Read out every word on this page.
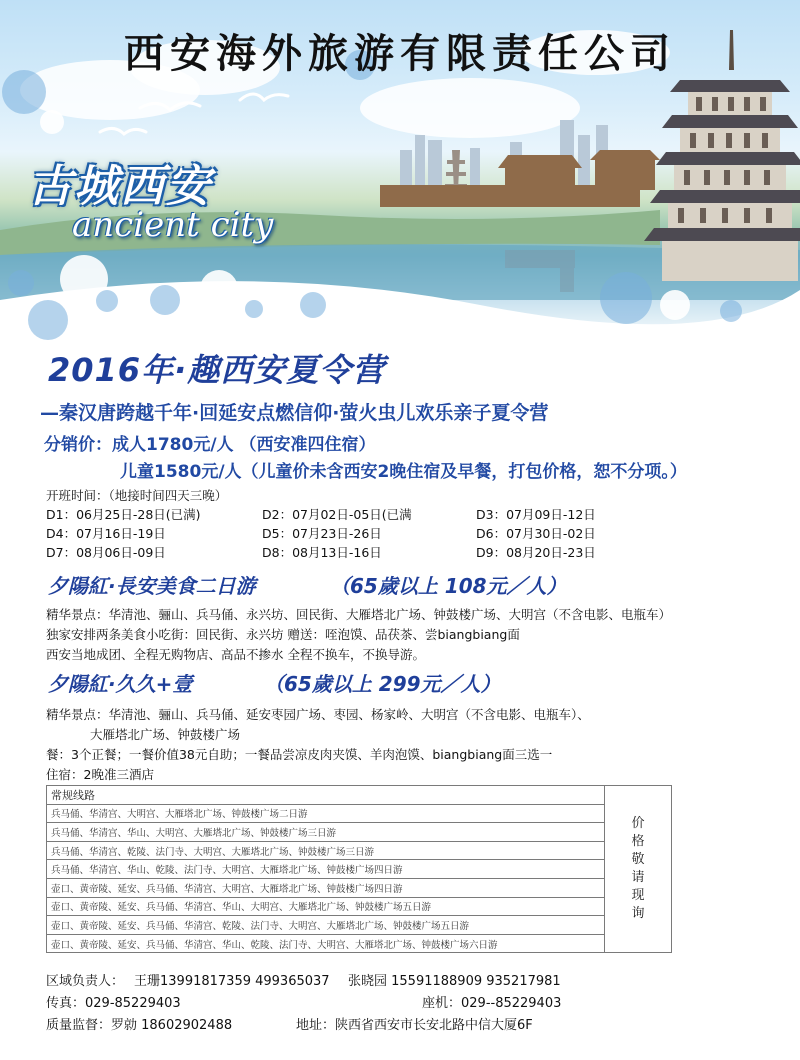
西安海外旅游有限责任公司
古城西安
ancient city
2016年·趣西安夏令营
—秦汉唐跨越千年·回延安点燃信仰·萤火虫儿欢乐亲子夏令营
分销价：成人1780元/人 （西安准四住宿）
儿童1580元/人（儿童价未含西安2晚住宿及早餐，打包价格，恕不分项。）
开班时间：（地接时间四天三晚）
D1：06月25日-28日(已满)	D2：07月02日-05日(已满	D3：07月09日-12日
D4：07月16日-19日	D5：07月23日-26日	D6：07月30日-02日
D7：08月06日-09日	D8：08月13日-16日	D9：08月20日-23日
夕陽紅·長安美食二日游	（65歲以上 108元／人）
精华景点：华清池、骊山、兵马俑、永兴坊、回民街、大雁塔北广场、钟鼓楼广场、大明宫（不含电影、电瓶车）
独家安排两条美食小吃街：回民街、永兴坊 赠送：咥泡馍、品茯茶、尝biangbiang面
西安当地成团、全程无购物店、高品不掺水 全程不换车，不换导游。
夕陽紅·久久+壹	（65歲以上 299元／人）
精华景点：华清池、骊山、兵马俑、延安枣园广场、枣园、杨家岭、大明宫（不含电影、电瓶车）、
大雁塔北广场、钟鼓楼广场
餐：3个正餐；一餐价值38元自助；一餐品尝凉皮肉夹馍、羊肉泡馍、biangbiang面三选一
住宿：2晚准三酒店
常规线路	
价
格
敬
请
现
询

兵马俑、华清宫、大明宫、大雁塔北广场、钟鼓楼广场二日游
兵马俑、华清宫、华山、大明宫、大雁塔北广场、钟鼓楼广场三日游
兵马俑、华清宫、乾陵、法门寺、大明宫、大雁塔北广场、钟鼓楼广场三日游
兵马俑、华清宫、华山、乾陵、法门寺、大明宫、大雁塔北广场、钟鼓楼广场四日游
壶口、黄帝陵、延安、兵马俑、华清宫、大明宫、大雁塔北广场、钟鼓楼广场四日游
壶口、黄帝陵、延安、兵马俑、华清宫、华山、大明宫、大雁塔北广场、钟鼓楼广场五日游
壶口、黄帝陵、延安、兵马俑、华清宫、乾陵、法门寺、大明宫、大雁塔北广场、钟鼓楼广场五日游
壶口、黄帝陵、延安、兵马俑、华清宫、华山、乾陵、法门寺、大明宫、大雁塔北广场、钟鼓楼广场六日游
区域负责人： 王珊13991817359 499365037 张晓园 15591188909 935217981
传真：029-85229403	座机：029--85229403
质量监督：罗勍 18602902488	地址：陕西省西安市长安北路中信大厦6F
